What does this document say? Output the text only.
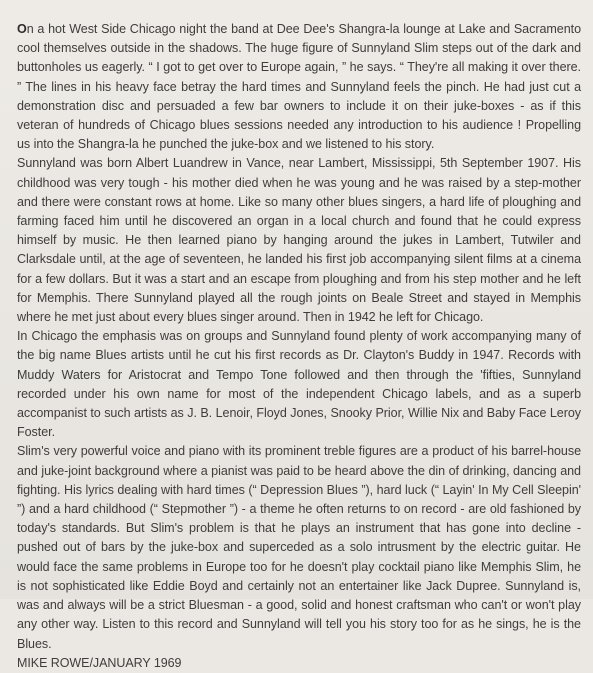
On a hot West Side Chicago night the band at Dee Dee's Shangra-la lounge at Lake and Sacramento cool themselves outside in the shadows. The huge figure of Sunnyland Slim steps out of the dark and buttonholes us eagerly. “ I got to get over to Europe again, ” he says. “ They're all making it over there. ” The lines in his heavy face betray the hard times and Sunnyland feels the pinch. He had just cut a demonstration disc and persuaded a few bar owners to include it on their juke-boxes - as if this veteran of hundreds of Chicago blues sessions needed any introduction to his audience ! Propelling us into the Shangra-la he punched the juke-box and we listened to his story.

Sunnyland was born Albert Luandrew in Vance, near Lambert, Mississippi, 5th September 1907. His childhood was very tough - his mother died when he was young and he was raised by a step-mother and there were constant rows at home. Like so many other blues singers, a hard life of ploughing and farming faced him until he discovered an organ in a local church and found that he could express himself by music. He then learned piano by hanging around the jukes in Lambert, Tutwiler and Clarksdale until, at the age of seventeen, he landed his first job accompanying silent films at a cinema for a few dollars. But it was a start and an escape from ploughing and from his step mother and he left for Memphis. There Sunnyland played all the rough joints on Beale Street and stayed in Memphis where he met just about every blues singer around. Then in 1942 he left for Chicago.

In Chicago the emphasis was on groups and Sunnyland found plenty of work accompanying many of the big name Blues artists until he cut his first records as Dr. Clayton's Buddy in 1947. Records with Muddy Waters for Aristocrat and Tempo Tone followed and then through the 'fifties, Sunnyland recorded under his own name for most of the independent Chicago labels, and as a superb accompanist to such artists as J. B. Lenoir, Floyd Jones, Snooky Prior, Willie Nix and Baby Face Leroy Foster.

Slim's very powerful voice and piano with its prominent treble figures are a product of his barrel-house and juke-joint background where a pianist was paid to be heard above the din of drinking, dancing and fighting. His lyrics dealing with hard times (“ Depression Blues ”), hard luck (“ Layin' In My Cell Sleepin' ”) and a hard childhood (“ Stepmother ”) - a theme he often returns to on record - are old fashioned by today's standards. But Slim's problem is that he plays an instrument that has gone into decline - pushed out of bars by the juke-box and superceded as a solo intrusment by the electric guitar. He would face the same problems in Europe too for he doesn't play cocktail piano like Memphis Slim, he is not sophisticated like Eddie Boyd and certainly not an entertainer like Jack Dupree. Sunnyland is, was and always will be a strict Bluesman - a good, solid and honest craftsman who can't or won't play any other way. Listen to this record and Sunnyland will tell you his story too for as he sings, he is the Blues.

MIKE ROWE/JANUARY 1969
